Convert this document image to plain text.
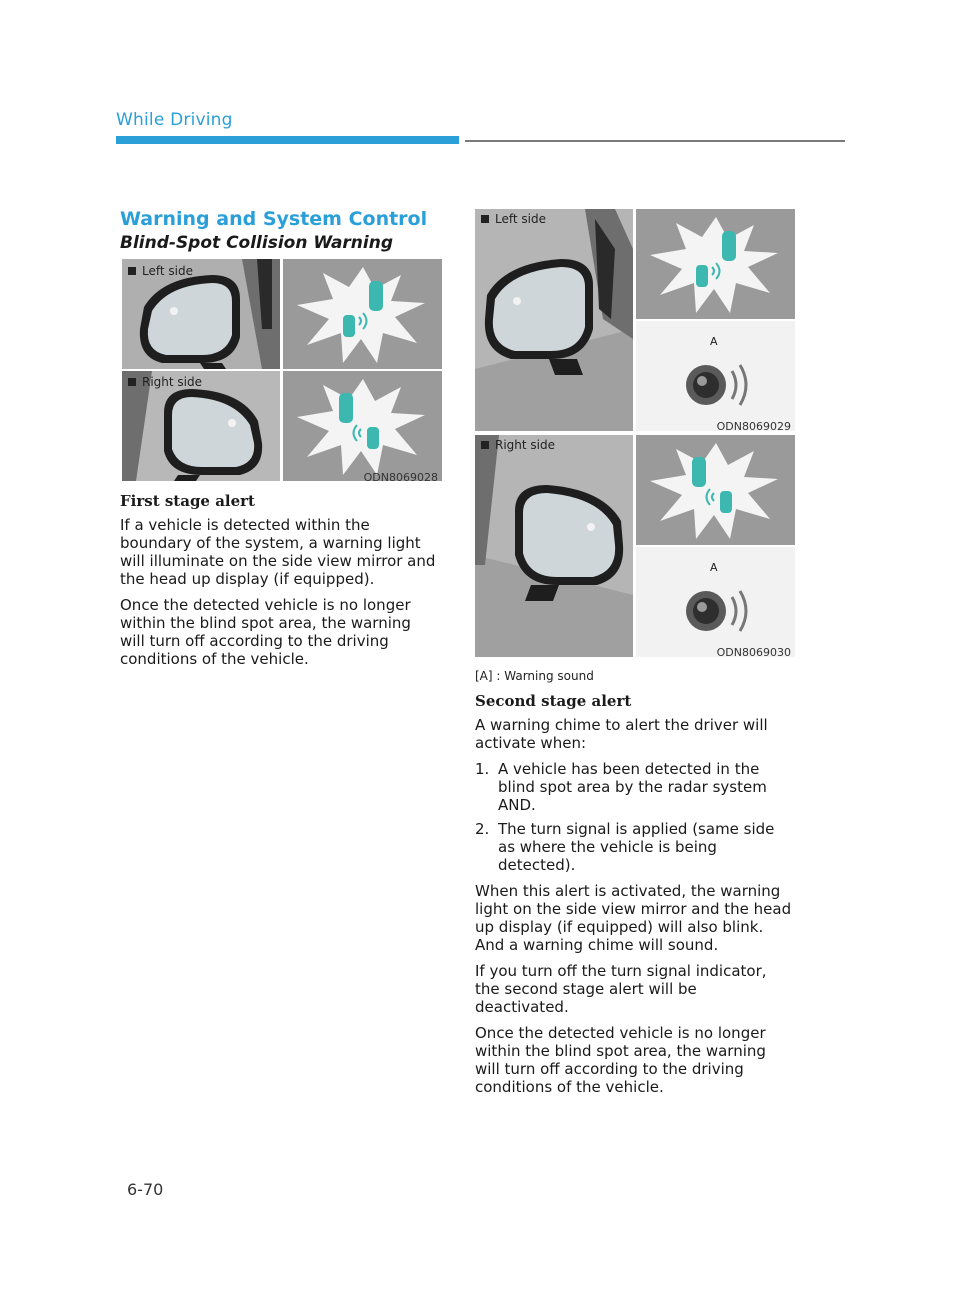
While Driving
Warning and System Control
Blind-Spot Collision Warning
Left side
Right side
ODN8069028
First stage alert
If a vehicle is detected within the boundary of the system, a warning light will illuminate on the side view mirror and the head up display (if equipped).
Once the detected vehicle is no longer within the blind spot area, the warning will turn off according to the driving conditions of the vehicle.
Left side
A
ODN8069029
Right side
A
ODN8069030
[A] : Warning sound
Second stage alert
A warning chime to alert the driver will activate when:
1. A vehicle has been detected in the blind spot area by the radar system AND.
2. The turn signal is applied (same side as where the vehicle is being detected).
When this alert is activated, the warning light on the side view mirror and the head up display (if equipped) will also blink. And a warning chime will sound.
If you turn off the turn signal indicator, the second stage alert will be deactivated.
Once the detected vehicle is no longer within the blind spot area, the warning will turn off according to the driving conditions of the vehicle.
6-70
